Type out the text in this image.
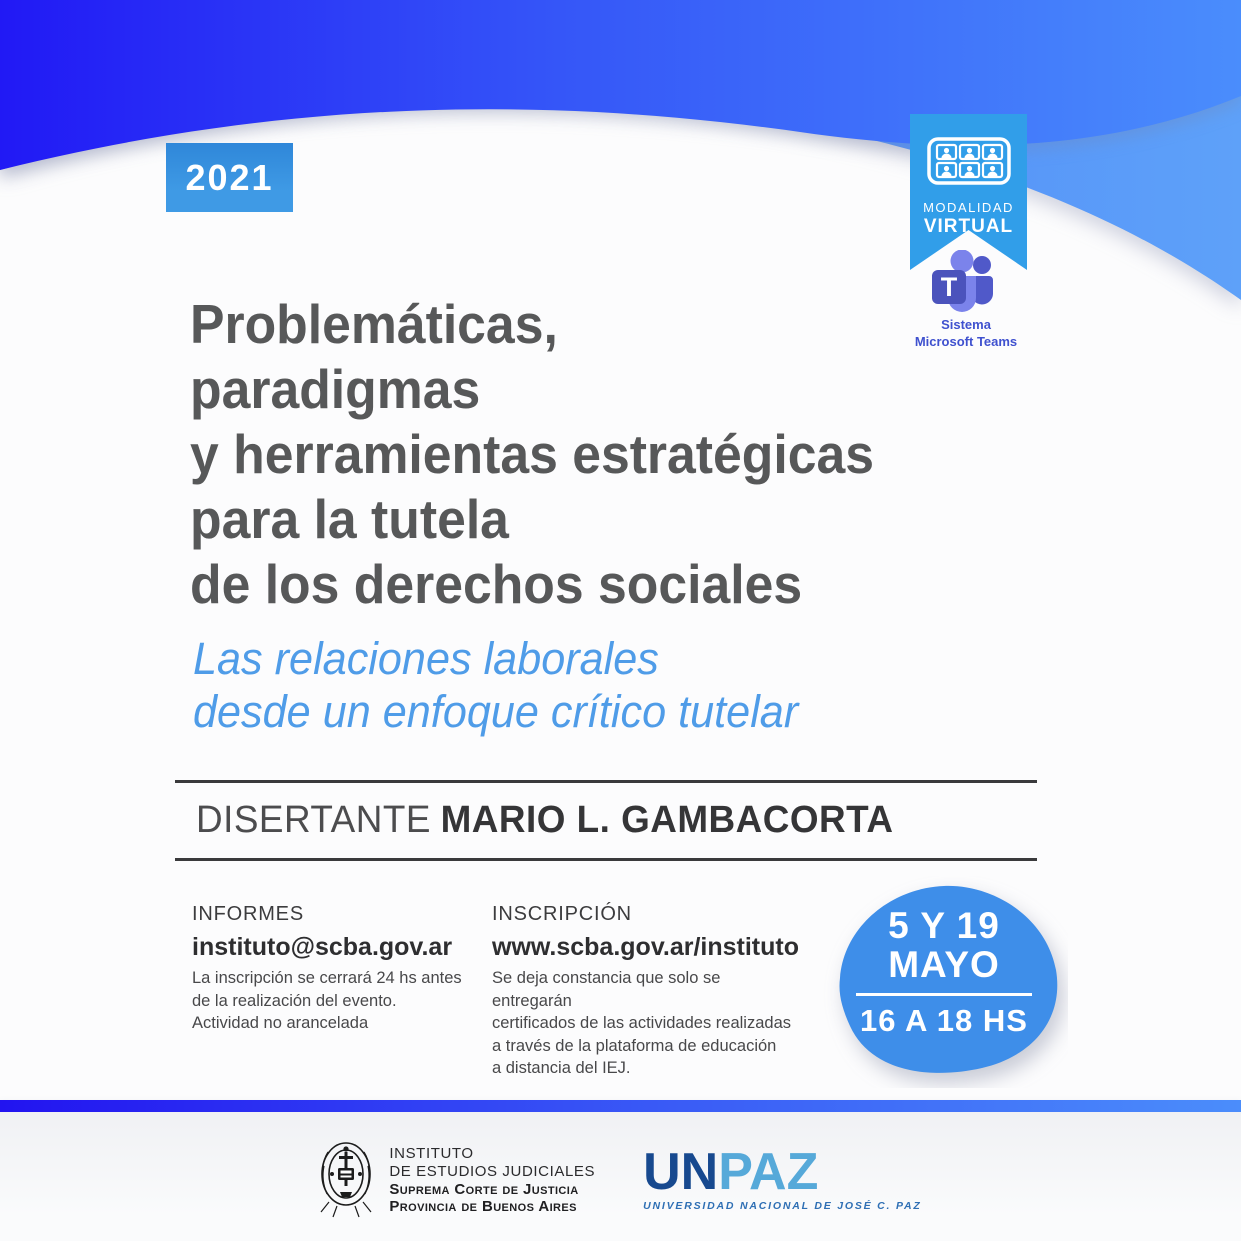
2021
MODALIDAD
VIRTUAL
T
Sistema
Microsoft Teams
Problemáticas,
paradigmas
y herramientas estratégicas
para la tutela
de los derechos sociales
Las relaciones laborales
desde un enfoque crítico tutelar
DISERTANTE MARIO L. GAMBACORTA
INFORMES
instituto@scba.gov.ar
La inscripción se cerrará 24 hs antes
de la realización del evento.
Actividad no arancelada
INSCRIPCIÓN
www.scba.gov.ar/instituto
Se deja constancia que solo se entregarán
certificados de las actividades realizadas
a través de la plataforma de educación
a distancia del IEJ.
5 Y 19
MAYO
16 A 18 HS
INSTITUTO
DE ESTUDIOS JUDICIALES
Suprema Corte de Justicia
Provincia de Buenos Aires
UNPAZ
UNIVERSIDAD NACIONAL DE JOSÉ C. PAZ
